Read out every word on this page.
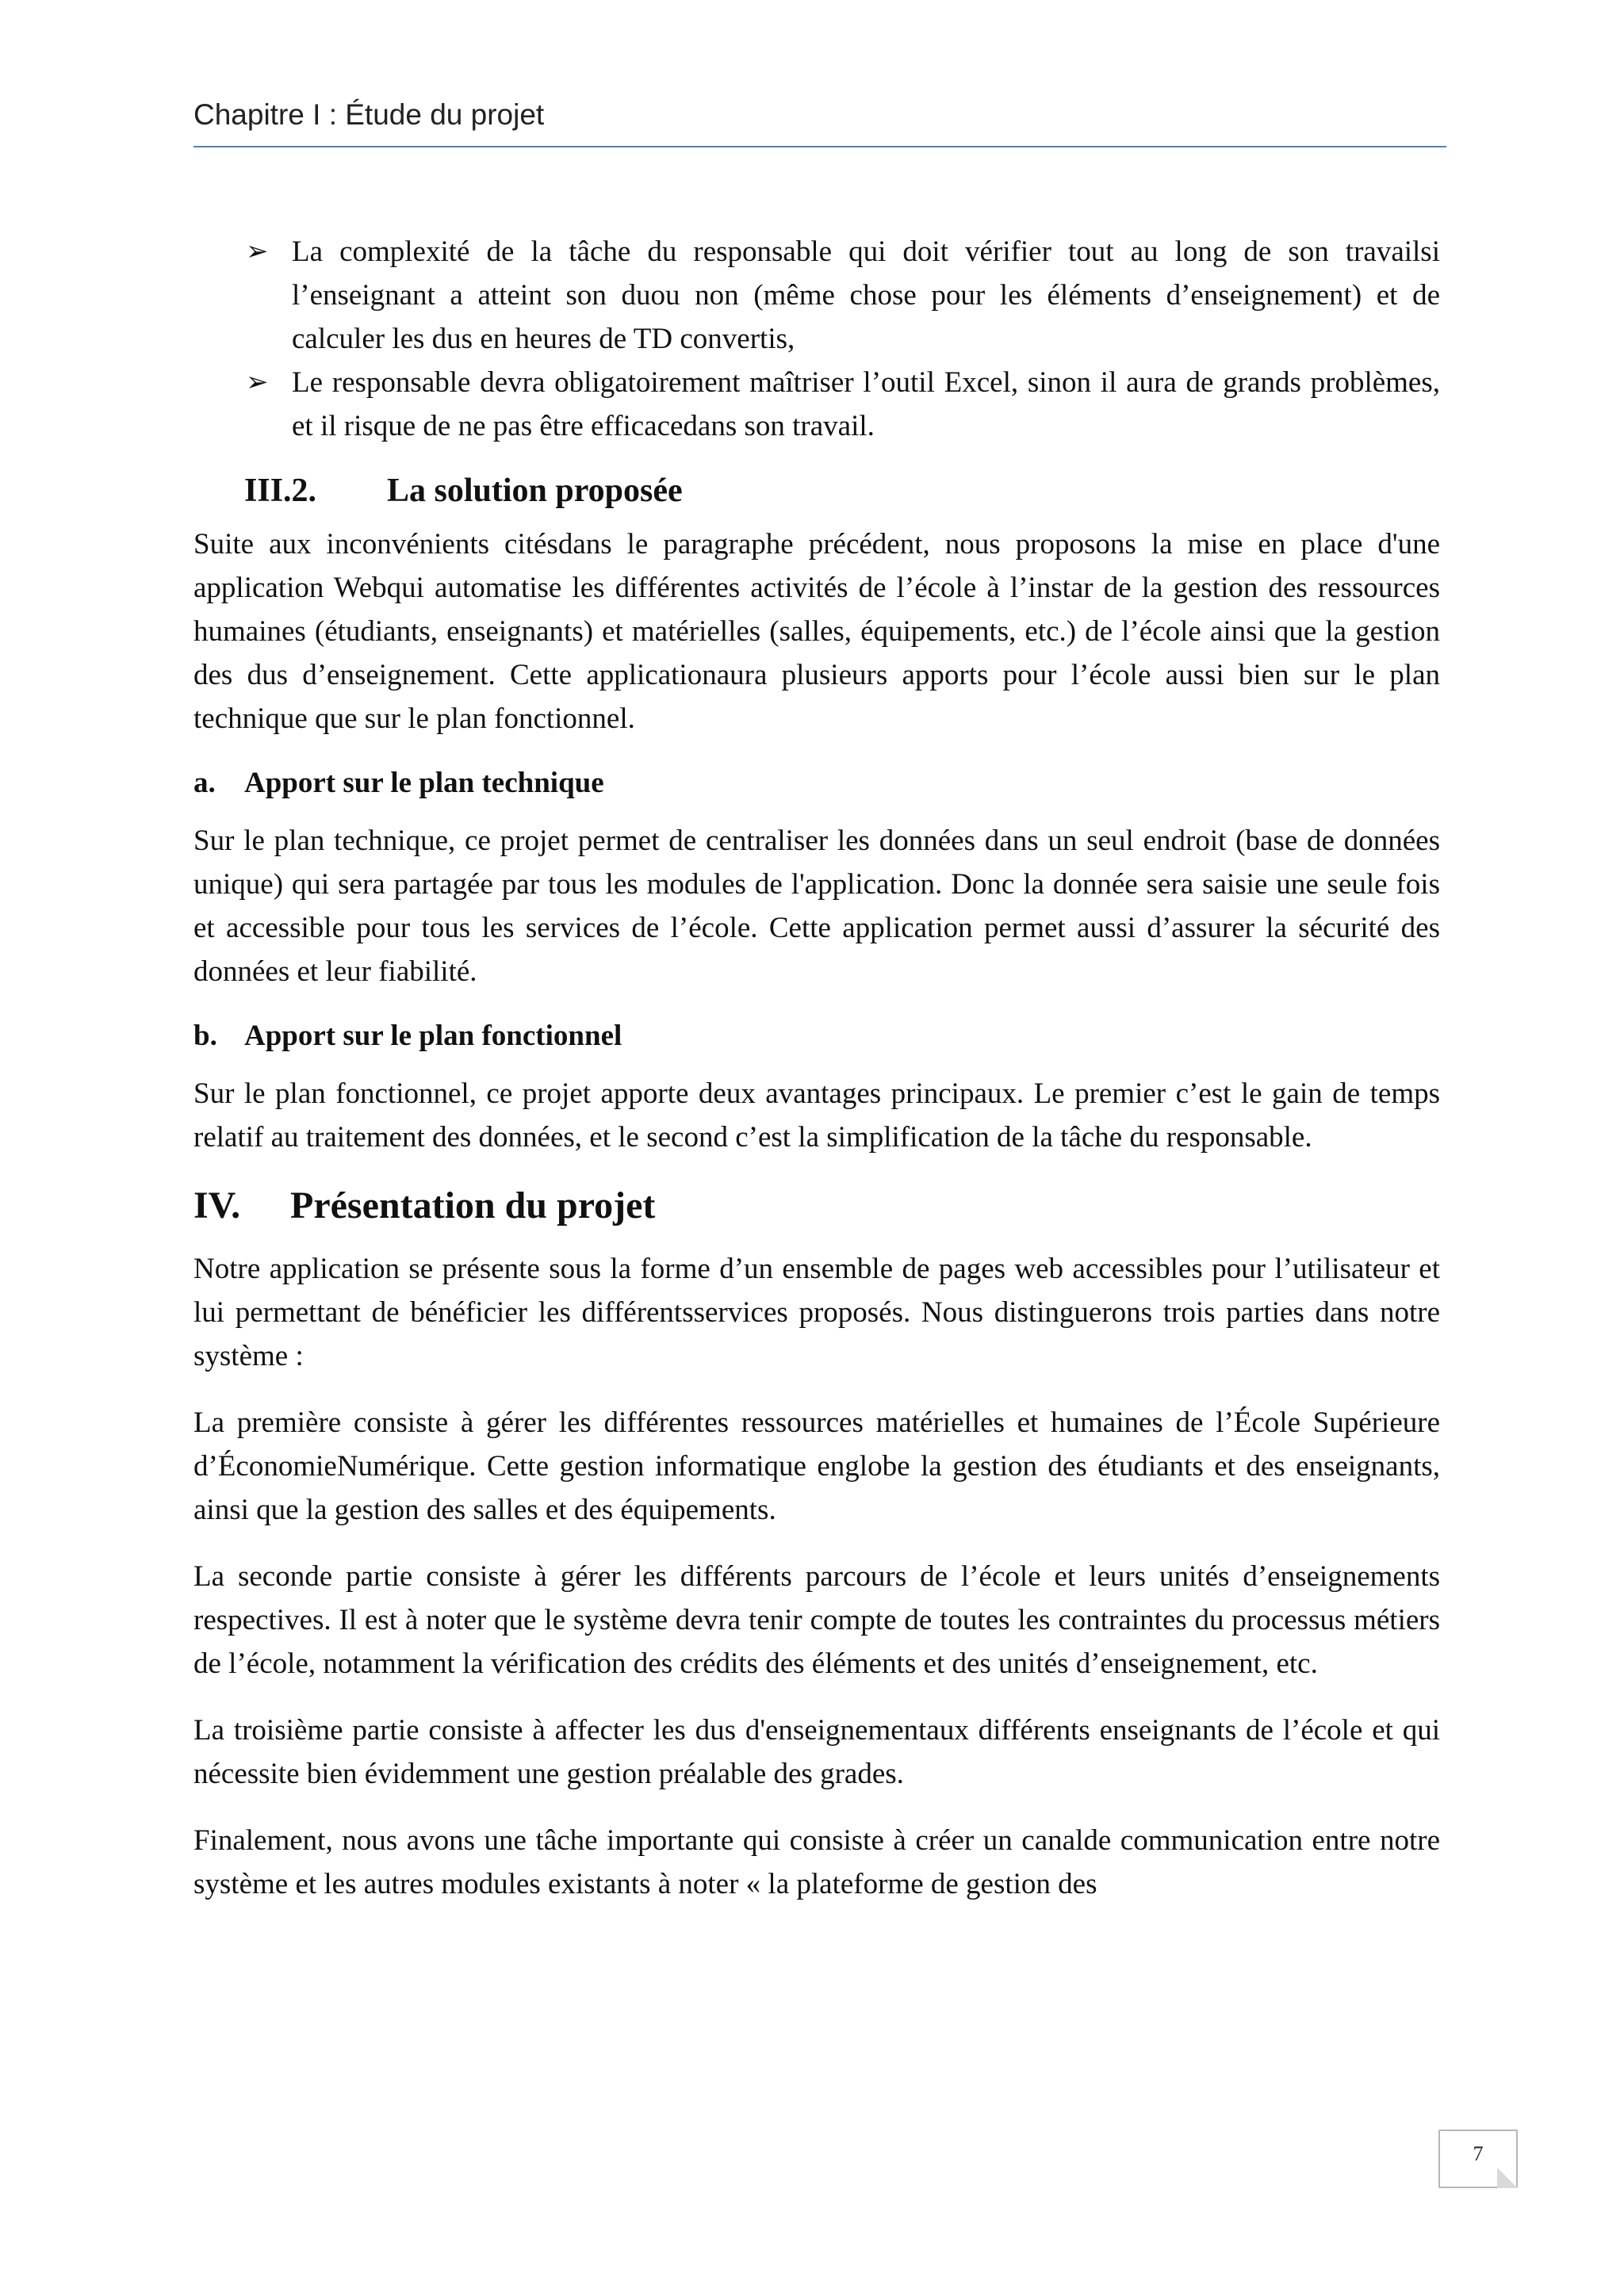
Chapitre I : Étude du projet
➢ La complexité de la tâche du responsable qui doit vérifier tout au long de son travailsi l’enseignant a atteint son duou non (même chose pour les éléments d’enseignement) et de calculer les dus en heures de TD convertis,
➢ Le responsable devra obligatoirement maîtriser l’outil Excel, sinon il aura de grands problèmes, et il risque de ne pas être efficacedans son travail.
III.2. La solution proposée

Suite aux inconvénients citésdans le paragraphe précédent, nous proposons la mise en place d'une application Webqui automatise les différentes activités de l’école à l’instar de la gestion des ressources humaines (étudiants, enseignants) et matérielles (salles, équipements, etc.) de l’école ainsi que la gestion des dus d’enseignement. Cette applicationaura plusieurs apports pour l’école aussi bien sur le plan technique que sur le plan fonctionnel.

a. Apport sur le plan technique

Sur le plan technique, ce projet permet de centraliser les données dans un seul endroit (base de données unique) qui sera partagée par tous les modules de l'application. Donc la donnée sera saisie une seule fois et accessible pour tous les services de l’école. Cette application permet aussi d’assurer la sécurité des données et leur fiabilité.

b. Apport sur le plan fonctionnel

Sur le plan fonctionnel, ce projet apporte deux avantages principaux. Le premier c’est le gain de temps relatif au traitement des données, et le second c’est la simplification de la tâche du responsable.

IV. Présentation du projet

Notre application se présente sous la forme d’un ensemble de pages web accessibles pour l’utilisateur et lui permettant de bénéficier les différentsservices proposés. Nous distinguerons trois parties dans notre système :

La première consiste à gérer les différentes ressources matérielles et humaines de l’École Supérieure d’ÉconomieNumérique. Cette gestion informatique englobe la gestion des étudiants et des enseignants, ainsi que la gestion des salles et des équipements.

La seconde partie consiste à gérer les différents parcours de l’école et leurs unités d’enseignements respectives. Il est à noter que le système devra tenir compte de toutes les contraintes du processus métiers de l’école, notamment la vérification des crédits des éléments et des unités d’enseignement, etc.

La troisième partie consiste à affecter les dus d'enseignementaux différents enseignants de l’école et qui nécessite bien évidemment une gestion préalable des grades.

Finalement, nous avons une tâche importante qui consiste à créer un canalde communication entre notre système et les autres modules existants à noter « la plateforme de gestion des

7
